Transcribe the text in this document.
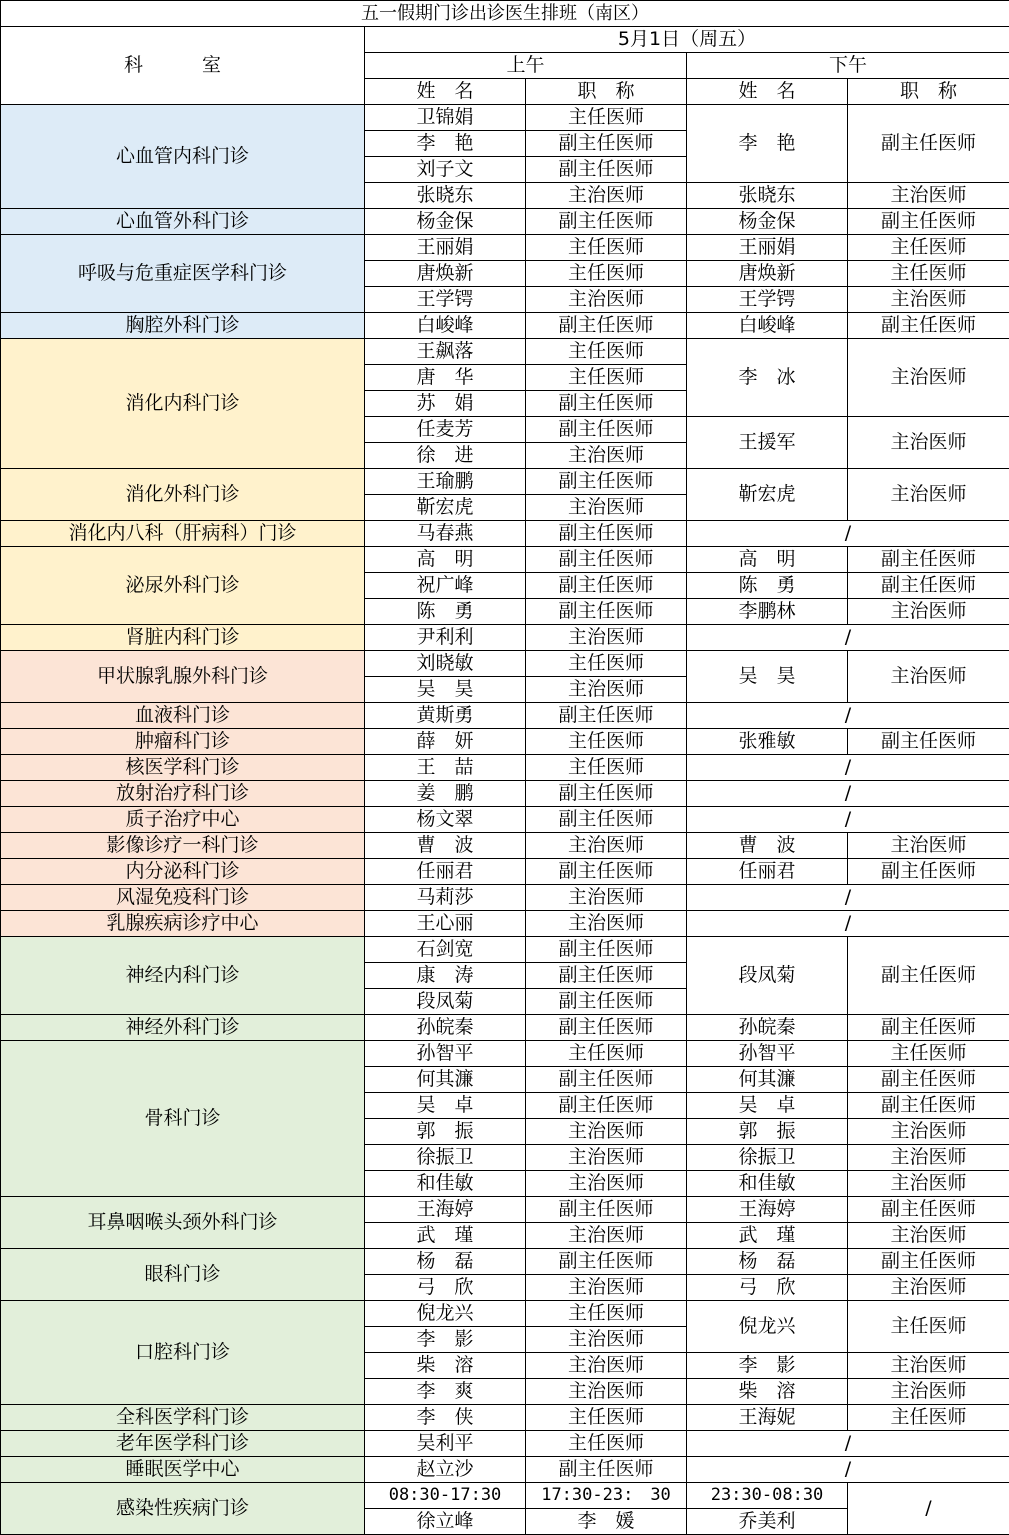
五一假期门诊出诊医生排班（南区）				
科　室	5月1日（周五）			
	上午		下午	
	姓　名	职　称	姓　名	职　称
心血管内科门诊	卫锦娟	主任医师	李　艳	副主任医师
	李　艳	副主任医师		
	刘子文	副主任医师		
	张晓东	主治医师	张晓东	主治医师
心血管外科门诊	杨金保	副主任医师	杨金保	副主任医师
呼吸与危重症医学科门诊	王丽娟	主任医师	王丽娟	主任医师
	唐焕新	主任医师	唐焕新	主任医师
	王学锷	主治医师	王学锷	主治医师
胸腔外科门诊	白峻峰	副主任医师	白峻峰	副主任医师
消化内科门诊	王飙落	主任医师	李　冰	主治医师
	唐　华	主任医师		
	苏　娟	副主任医师		
	任麦芳	副主任医师	王援军	主治医师
	徐　进	主治医师		
消化外科门诊	王瑜鹏	副主任医师	靳宏虎	主治医师
	靳宏虎	主治医师		
消化内八科（肝病科）门诊	马春燕	副主任医师	/	
泌尿外科门诊	高　明	副主任医师	高　明	副主任医师
	祝广峰	副主任医师	陈　勇	副主任医师
	陈　勇	副主任医师	李鹏林	主治医师
肾脏内科门诊	尹利利	主治医师	/	
甲状腺乳腺外科门诊	刘晓敏	主任医师	吴　昊	主治医师
	吴　昊	主治医师		
血液科门诊	黄斯勇	副主任医师	/	
肿瘤科门诊	薛　妍	主任医师	张雅敏	副主任医师
核医学科门诊	王　喆	主任医师	/	
放射治疗科门诊	姜　鹏	副主任医师	/	
质子治疗中心	杨文翠	副主任医师	/	
影像诊疗一科门诊	曹　波	主治医师	曹　波	主治医师
内分泌科门诊	任丽君	副主任医师	任丽君	副主任医师
风湿免疫科门诊	马莉莎	主治医师	/	
乳腺疾病诊疗中心	王心丽	主治医师	/	
神经内科门诊	石剑宽	副主任医师	段凤菊	副主任医师
	康　涛	副主任医师		
	段凤菊	副主任医师		
神经外科门诊	孙皖秦	副主任医师	孙皖秦	副主任医师
骨科门诊	孙智平	主任医师	孙智平	主任医师
	何其濂	副主任医师	何其濂	副主任医师
	吴　卓	副主任医师	吴　卓	副主任医师
	郭　振	主治医师	郭　振	主治医师
	徐振卫	主治医师	徐振卫	主治医师
	和佳敏	主治医师	和佳敏	主治医师
耳鼻咽喉头颈外科门诊	王海婷	副主任医师	王海婷	副主任医师
	武　瑾	主治医师	武　瑾	主治医师
眼科门诊	杨　磊	副主任医师	杨　磊	副主任医师
	弓　欣	主治医师	弓　欣	主治医师
口腔科门诊	倪龙兴	主任医师	倪龙兴	主任医师
	李　影	主治医师		
	柴　溶	主治医师	李　影	主治医师
	李　爽	主治医师	柴　溶	主治医师
全科医学科门诊	李　侠	主任医师	王海妮	主任医师
老年医学科门诊	吴利平	主任医师	/	
睡眠医学中心	赵立沙	副主任医师	/	
感染性疾病门诊	08:30-17:30	17:30-23:　30	23:30-08:30	/
	徐立峰	李　媛	乔美利	
